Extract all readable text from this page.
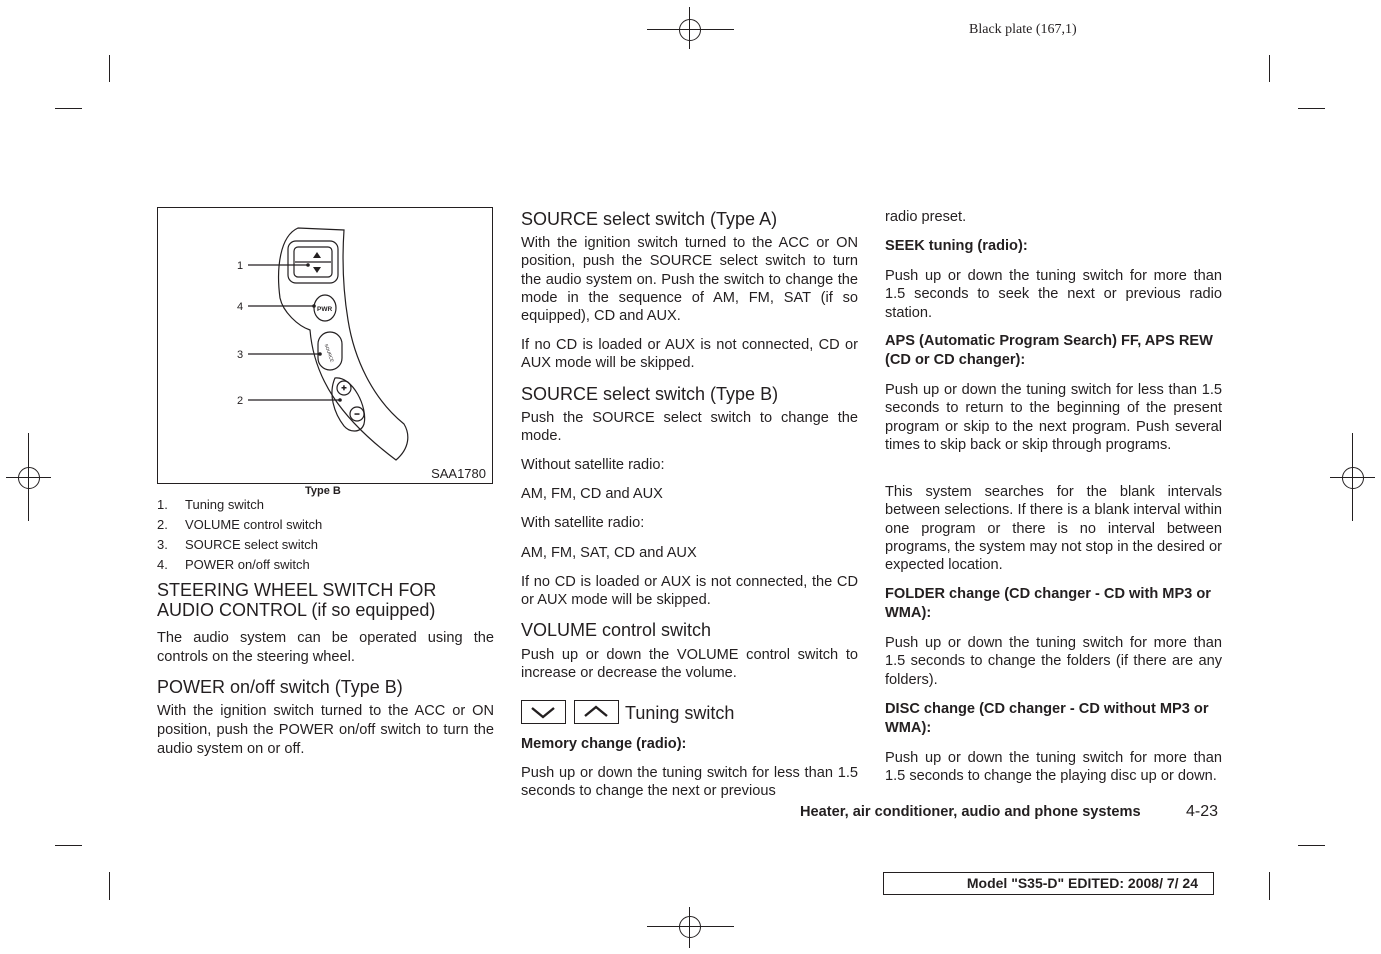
Black plate (167,1)
1
4
3
2
PWR
SOURCE
SAA1780
Type B
1. Tuning switch
2. VOLUME control switch
3. SOURCE select switch
4. POWER on/off switch
STEERING WHEEL SWITCH FOR
AUDIO CONTROL (if so equipped)

The audio system can be operated using the controls on the steering wheel.

POWER on/off switch (Type B)

With the ignition switch turned to the ACC or ON position, push the POWER on/off switch to turn the audio system on or off.

SOURCE select switch (Type A)

With the ignition switch turned to the ACC or ON position, push the SOURCE select switch to turn the audio system on. Push the switch to change the mode in the sequence of AM, FM, SAT (if so equipped), CD and AUX.

If no CD is loaded or AUX is not connected, CD or AUX mode will be skipped.

SOURCE select switch (Type B)

Push the SOURCE select switch to change the mode.

Without satellite radio:

AM, FM, CD and AUX

With satellite radio:

AM, FM, SAT, CD and AUX

If no CD is loaded or AUX is not connected, the CD or AUX mode will be skipped.

VOLUME control switch

Push up or down the VOLUME control switch to increase or decrease the volume.

Tuning switch
Memory change (radio):

Push up or down the tuning switch for less than 1.5 seconds to change the next or previous

radio preset.

SEEK tuning (radio):

Push up or down the tuning switch for more than 1.5 seconds to seek the next or previous radio station.

APS (Automatic Program Search) FF, APS REW (CD or CD changer):

Push up or down the tuning switch for less than 1.5 seconds to return to the beginning of the present program or skip to the next program. Push several times to skip back or skip through programs.

This system searches for the blank intervals between selections. If there is a blank interval within one program or there is no interval between programs, the system may not stop in the desired or expected location.

FOLDER change (CD changer - CD with MP3 or WMA):

Push up or down the tuning switch for more than 1.5 seconds to change the folders (if there are any folders).

DISC change (CD changer - CD without MP3 or WMA):

Push up or down the tuning switch for more than 1.5 seconds to change the playing disc up or down.

Heater, air conditioner, audio and phone systems	4-23
Model "S35-D" EDITED: 2008/ 7/ 24
